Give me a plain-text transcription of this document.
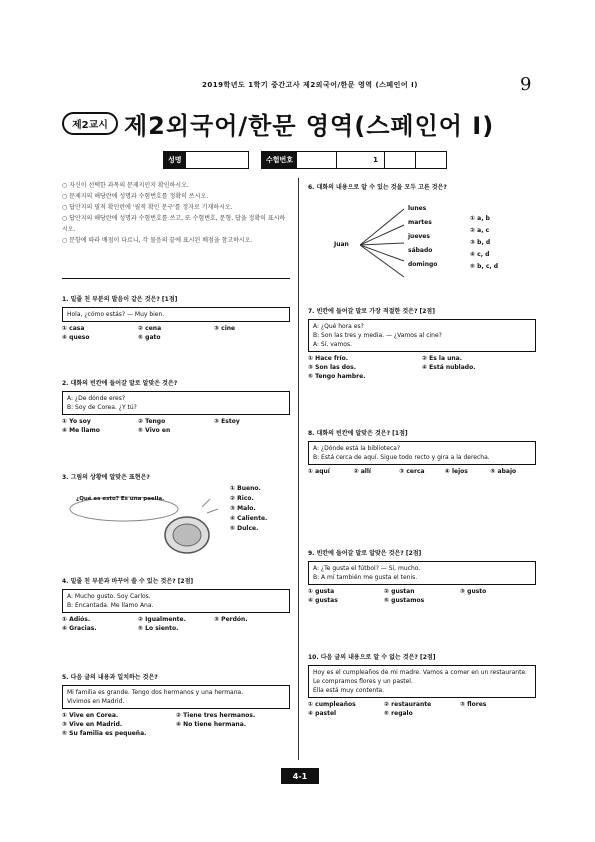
2019학년도 1학기 중간고사 제2외국어/한문 영역 (스페인어 I)	9
제2교시 제2외국어/한문 영역(스페인어 I)
성명	수험번호	1
○ 자신이 선택한 과목의 문제지인지 확인하시오.
○ 문제지의 해당란에 성명과 수험번호를 정확히 쓰시오.
○ 답안지의 필적 확인란에 '필적 확인 문구'를 정자로 기재하시오.
○ 답안지의 해당란에 성명과 수험번호를 쓰고, 또 수험번호, 문형, 답을 정확히 표시하시오.
○ 문항에 따라 배점이 다르니, 각 물음의 끝에 표시된 배점을 참고하시오.
1. 밑줄 친 부분의 발음이 같은 것은? [1점]
Hola, ¿cómo estás? — Muy bien.
① casa	② cena	③ cine
④ queso	⑤ gato
2. 대화의 빈칸에 들어갈 말로 알맞은 것은?
A: ¿De dónde eres?
B: Soy de Corea. ¿Y tú?
① Yo soy	② Tengo	③ Estoy
④ Me llamo	⑤ Vivo en
3. 그림의 상황에 알맞은 표현은?
① Bueno.
② Rico.
③ Malo.
④ Caliente.
⑤ Dulce.
¿Qué es esto? Es una paella.
4. 밑줄 친 부분과 바꾸어 쓸 수 있는 것은? [2점]
A: Mucho gusto. Soy Carlos.
B: Encantada. Me llamo Ana.
① Adiós.	② Igualmente.	③ Perdón.
④ Gracias.	⑤ Lo siento.
5. 다음 글의 내용과 일치하는 것은?
Mi familia es grande. Tengo dos hermanos y una hermana.
Vivimos en Madrid.
① Vive en Corea.	② Tiene tres hermanos.
③ Vive en Madrid.	④ No tiene hermana.
⑤ Su familia es pequeña.
6. 대화의 내용으로 알 수 있는 것을 모두 고른 것은?
Juan
lunes
martes
jueves
sábado
domingo
① a, b
② a, c
③ b, d
④ c, d
⑤ b, c, d
7. 빈칸에 들어갈 말로 가장 적절한 것은? [2점]
A: ¿Qué hora es?
B: Son las tres y media. — ¿Vamos al cine?
A: Sí, vamos.
① Hace frío.	② Es la una.
③ Son las dos.	④ Está nublado.
⑤ Tengo hambre.
8. 대화의 빈칸에 알맞은 것은? [1점]
A: ¿Dónde está la biblioteca?
B: Está cerca de aquí. Sigue todo recto y gira a la derecha.
① aquí	② allí	③ cerca	④ lejos	⑤ abajo
9. 빈칸에 들어갈 말로 알맞은 것은? [2점]
A: ¿Te gusta el fútbol? — Sí, mucho.
B: A mí también me gusta el tenis.
① gusta	② gustan	③ gusto
④ gustas	⑤ gustamos
10. 다음 글의 내용으로 알 수 없는 것은? [2점]
Hoy es el cumpleaños de mi madre. Vamos a comer en un restaurante.
Le compramos flores y un pastel.
Ella está muy contenta.
① cumpleaños	② restaurante	③ flores
④ pastel	⑤ regalo
4-1
